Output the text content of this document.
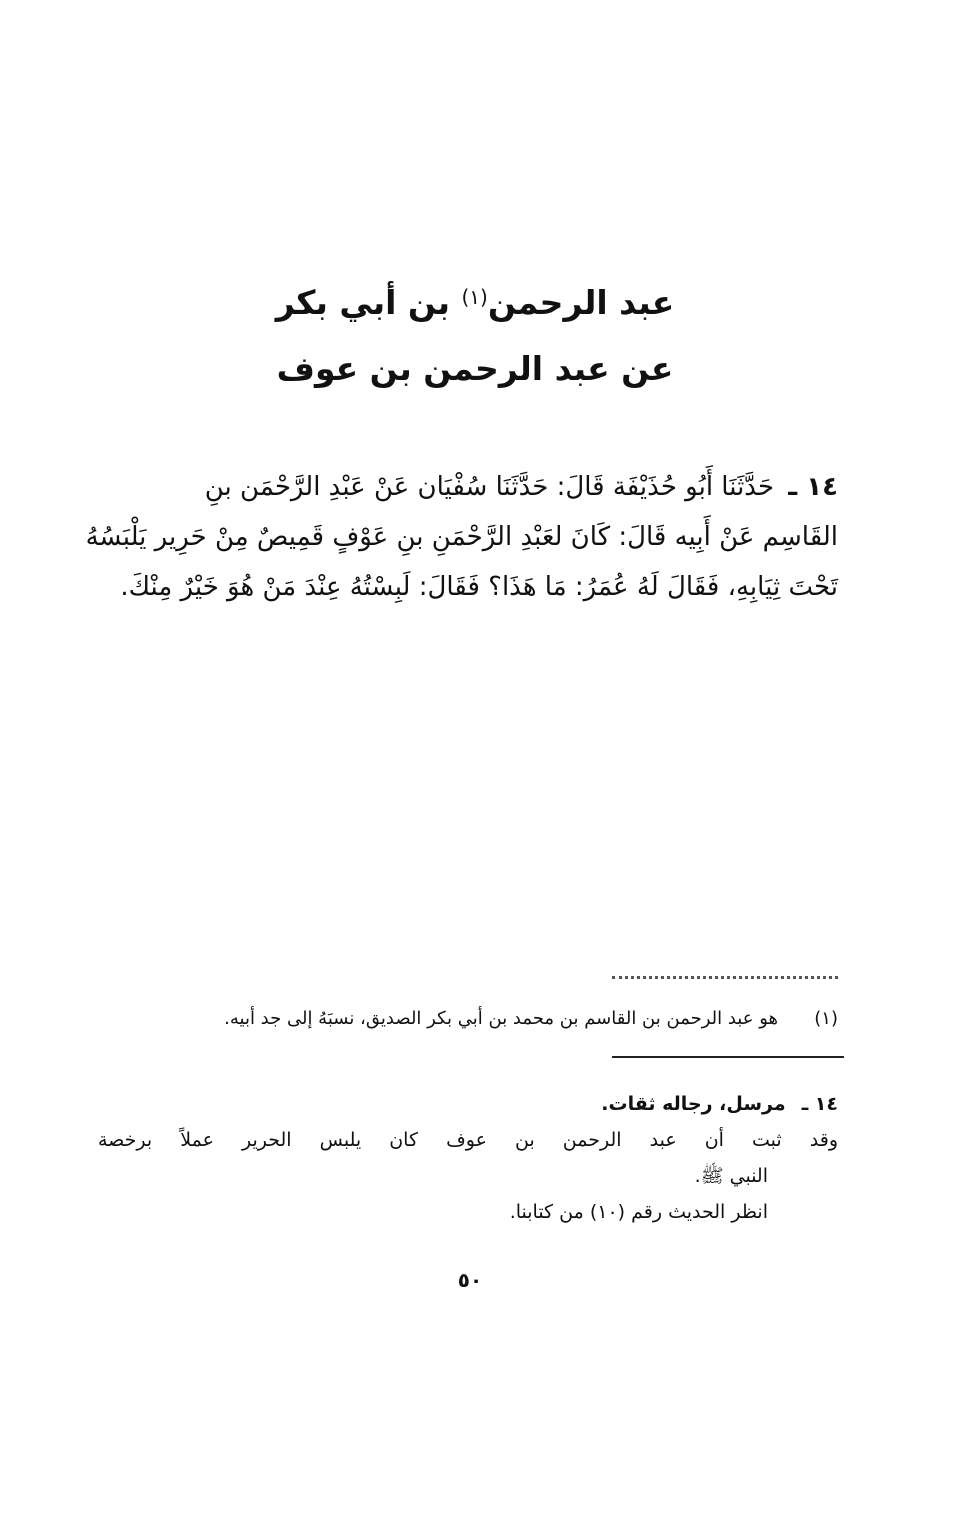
عبد الرحمن$^{(١)}$ بن أبي بكر
عن عبد الرحمن بن عوف
١٤ ـ حَدَّثَنَا أَبُو حُذَيْفَة قَالَ: حَدَّثَنَا سُفْيَان عَنْ عَبْدِ الرَّحْمَن بنِ
القَاسِم عَنْ أَبِيه قَالَ: كَانَ لعَبْدِ الرَّحْمَنِ بنِ عَوْفٍ قَمِيصٌ مِنْ حَرِير يَلْبَسُهُ
تَحْتَ ثِيَابِهِ، فَقَالَ لَهُ عُمَرُ: مَا هَذَا؟ فَقَالَ: لَبِسْتُهُ عِنْدَ مَنْ هُوَ خَيْرٌ مِنْكَ.
(١)هو عبد الرحمن بن القاسم بن محمد بن أبي بكر الصديق، نسبَهُ إلى جد أبيه.
١٤ ـ مرسل، رجاله ثقات.
وقد ثبت أن عبد الرحمن بن عوف كان يلبس الحرير عملاً برخصة
النبي ﷺ.
انظر الحديث رقم (١٠) من كتابنا.
٥٠
